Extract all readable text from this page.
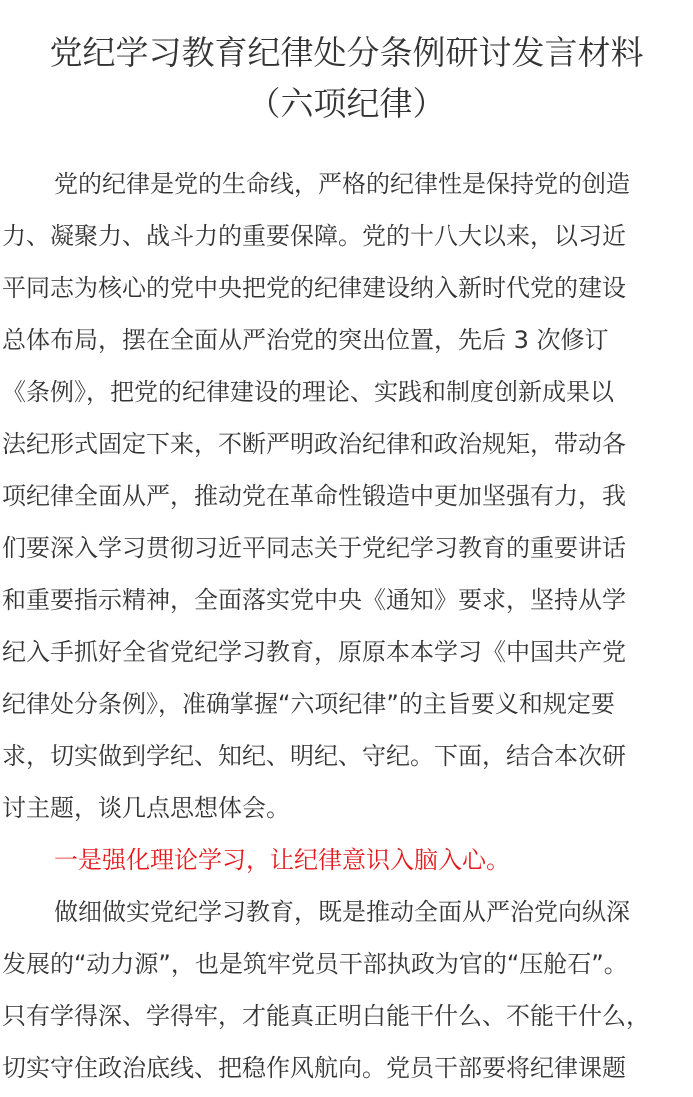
党纪学习教育纪律处分条例研讨发言材料
（六项纪律）
党的纪律是党的生命线，严格的纪律性是保持党的创造
力、凝聚力、战斗力的重要保障。党的十八大以来，以习近
平同志为核心的党中央把党的纪律建设纳入新时代党的建设
总体布局，摆在全面从严治党的突出位置，先后 3 次修订
《条例》，把党的纪律建设的理论、实践和制度创新成果以
法纪形式固定下来，不断严明政治纪律和政治规矩，带动各
项纪律全面从严，推动党在革命性锻造中更加坚强有力，我
们要深入学习贯彻习近平同志关于党纪学习教育的重要讲话
和重要指示精神，全面落实党中央《通知》要求，坚持从学
纪入手抓好全省党纪学习教育，原原本本学习《中国共产党
纪律处分条例》，准确掌握“六项纪律”的主旨要义和规定要
求，切实做到学纪、知纪、明纪、守纪。下面，结合本次研
讨主题，谈几点思想体会。
一是强化理论学习，让纪律意识入脑入心。
做细做实党纪学习教育，既是推动全面从严治党向纵深
发展的“动力源”，也是筑牢党员干部执政为官的“压舱石”。
只有学得深、学得牢，才能真正明白能干什么、不能干什么，
切实守住政治底线、把稳作风航向。党员干部要将纪律课题
